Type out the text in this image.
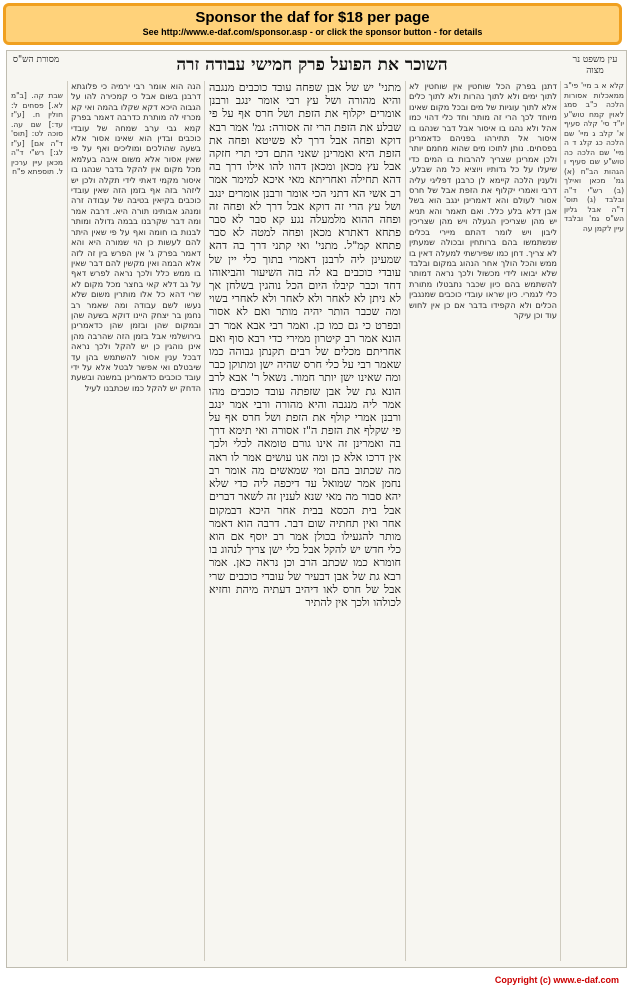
Sponsor the daf for $18 per page
See http://www.e-daf.com/sponsor.asp - or click the sponsor button - for details
מסורת הש"ס	השוכר את הפועל פרק חמישי עבודה זרה	עין משפט נר מצוה
שבת קה. [ב"מ לא.] פסחים ל: חולין ח. [ע"ז עד:] שם עה. סוכה לט: [תוס' ד"ה אם] [ע"ז לג:] רש"י ד"ה מכאן עיין ערכין ל. תוספתא פ"ח
הנה הוא אומר רבי ירמיה כי פלוגתא דרבנן בשום אבל כי קמכירה להו על הגבוה היכא דקא שקלו בהמה ואי קא מכרזי לה מותרת כדרבה דאמר בפרק קמא גבי ערב שמחה של עובדי כוכבים ובדין הוא שאינו אסור אלא בשעה שהולכים ומוליכים ואף על פי שאין אסור אלא משום איבה בעלמא מכל מקום אין להקל בדבר שנהגו בו איסור מקמי דאתי לידי תקלה ולכן יש ליזהר בזה אף בזמן הזה שאין עובדי כוכבים בקיאין בטיבה של עבודה זרה ומנהג אבותינו תורה היא. דרבה אמר ומה דבר שקרבנו בבמה גדולה ומותר לבנות בו חומה ואף על פי שאין היתר להם לעשות כן הוי שמורה היא והא דאמר בפרק ג' אין הפרש בין זה לזה אלא הבמה ואין מקשין להם דבר שאין בו ממש כלל ולכך נראה לפרש דאף על גב דלא קאי בחצר מכל מקום לא שרי דהא כל אלו מותרין משום שלא נעשו לשם עבודה ומה שאמר רב נחמן בר יצחק היינו דוקא בשעה שהן ובמקום שהן ובזמן שהן כדאמרינן בירושלמי אבל בזמן הזה שהרבה מהן אינן נוהגין כן יש להקל ולכך נראה דבכל ענין אסור להשתמש בהן עד שיבטלם ואי אפשר לבטל אלא על ידי עובד כוכבים כדאמרינן במשנה ובשעת הדחק יש להקל כמו שכתבנו לעיל
מתני' יש של אבן שפחה עובד כוכבים מנגבה והיא מהורה ושל עץ רבי אומר ינגב ורבנן אומרים יקלוף את הזפת ושל חרס אף על פי שבלע את הזפת הרי זה אסורה: גמ' אמר רבא דוקא ופחה אבל דרך לא פשיטא ופחה את הזפת היא ואמרינן שאני התם דכי תרי חזקה אבל עץ מכאן ומכאן דהוו להו אילו דרך בה דהא תחילה ואחריתא מאי איכא למימר אמר רב אשי הא דתני הכי אומר ורבנן אומרים ינגב ושל עץ הרי זה דוקא אבל דרך לא ופחה זה ופחה ההוא מלמעלה נגע קא סבר לא סבר פתחא דאתרא מכאן ופחה למטה לא סבר פתחא קמ"ל. מתני' ואי קתני דרך בה דהא שמעינן ליה לרבנן דאמרי בתוך כלי יין של עובדי כוכבים בא לה בזה השיעור והביאוהו דחד וכבר קיבלו היום הכל נוהגין בשלחן אך לא ניתן לא לאחר ולא לאחר ולא לאחרי בשוי ומה שכבר הותר יהיה מותר ואם לא אסור ובפרט כי גם כמו כן. ואמר רבי אבא אמר רב הונא אמר רב קיטרון ממירי כדי רבא סוף ואם אחריתם מכלים של רבים תקנתן גבוהה כמו שאמר רבי על כלי חרס שהיה ישן ומתוקן כבר ומה שאינו ישן יותר חמור. נשאל ר' אבא לרב הונא גת של אבן שזפתה עובד כוכבים מהו אמר ליה מנגבה והיא מהורה ורבי אמר ינגב ורבנן אמרי קולף את הזפת ושל חרס אף על פי שקלף את הזפת ה"ז אסורה ואי תימא דרך בה ואמרינן זה אינו גורם טומאה לכלי ולכך אין דרכו אלא כן ומה אנו עושים אמר לו ראה מה שכתוב בהם ומי שמאשים מה אומר רב נחמן אמר שמואל עד דיכפה ליה כדי שלא יהא סבור מה מאי שנא לענין זה לשאר דברים אבל בית הכסא בבית אחר היכא דבמקום אחר ואין תחתיה שום דבר. דרבה הוא דאמר מותר להגעילו בכולן אמר רב יוסף אם הוא כלי חדש יש להקל אבל כלי ישן צריך לנהוג בו חומרא כמו שכתב הרב וכן נראה כאן. אמר רבא גת של אבן דבעיר של עובדי כוכבים שרי אבל של חרס לאו דיהיב דעתיה מיהת וחזיא לכולהו ולכך אין להתיר
דתנן בפרק הכל שוחטין אין שוחטין לא לתוך ימים ולא לתוך נהרות ולא לתוך כלים אלא לתוך עוגיות של מים ובכל מקום שאינו מיוחד לכך הרי זה מותר וחד כלי דהוי כמו אהל ולא נהגו בו איסור אבל דבר שנהגו בו איסור אל תתירהו בפניהם כדאמרינן בפסחים. נותן לתוכו מים שהוא מחמם יותר ולכן אמרינן שצריך להרבות בו המים כדי שיעלו על כל גדותיו ויוציא כל מה שבלע. ולענין הלכה קיימא לן כרבנן דפליגי עליה דרבי ואמרי יקלוף את הזפת אבל של חרס אסור לעולם והא דאמרינן ינגב הוא בשל אבן דלא בלע כלל. ואם תאמר והא תניא יש מהן שצריכין הגעלה ויש מהן שצריכין ליבון ויש לומר דהתם מיירי בכלים שנשתמשו בהם ברותחין ובכולה שמעתין לא צריך. דחן כמו שפירשתי למעלה דאין בו ממש והכל הולך אחר הנהוג במקום ובלבד שלא יבואו לידי מכשול ולכך נראה דמותר להשתמש בהם כיון שכבר נתבטלו מתורת כלי לגמרי. כיון שראו עובדי כוכבים שמנגבין הכלים ולא הקפידו בדבר אם כן אין לחוש עוד וכן עיקר
קלא א ב מיי' פי"ב ממאכלות אסורות הלכה כ"ב סמג לאוין קמח טוש"ע יו"ד סי' קלה סעיף א' קלב ג מיי' שם הלכה כג קלג ד ה מיי' שם הלכה כה טוש"ע שם סעיף ו הגהות הב"ח (א) גמ' מכאן ואילך (ב) רש"י ד"ה ובלבד (ג) תוס' ד"ה אבל גליון הש"ס גמ' ובלבד עיין לקמן עה
Copyright (c) www.e-daf.com
